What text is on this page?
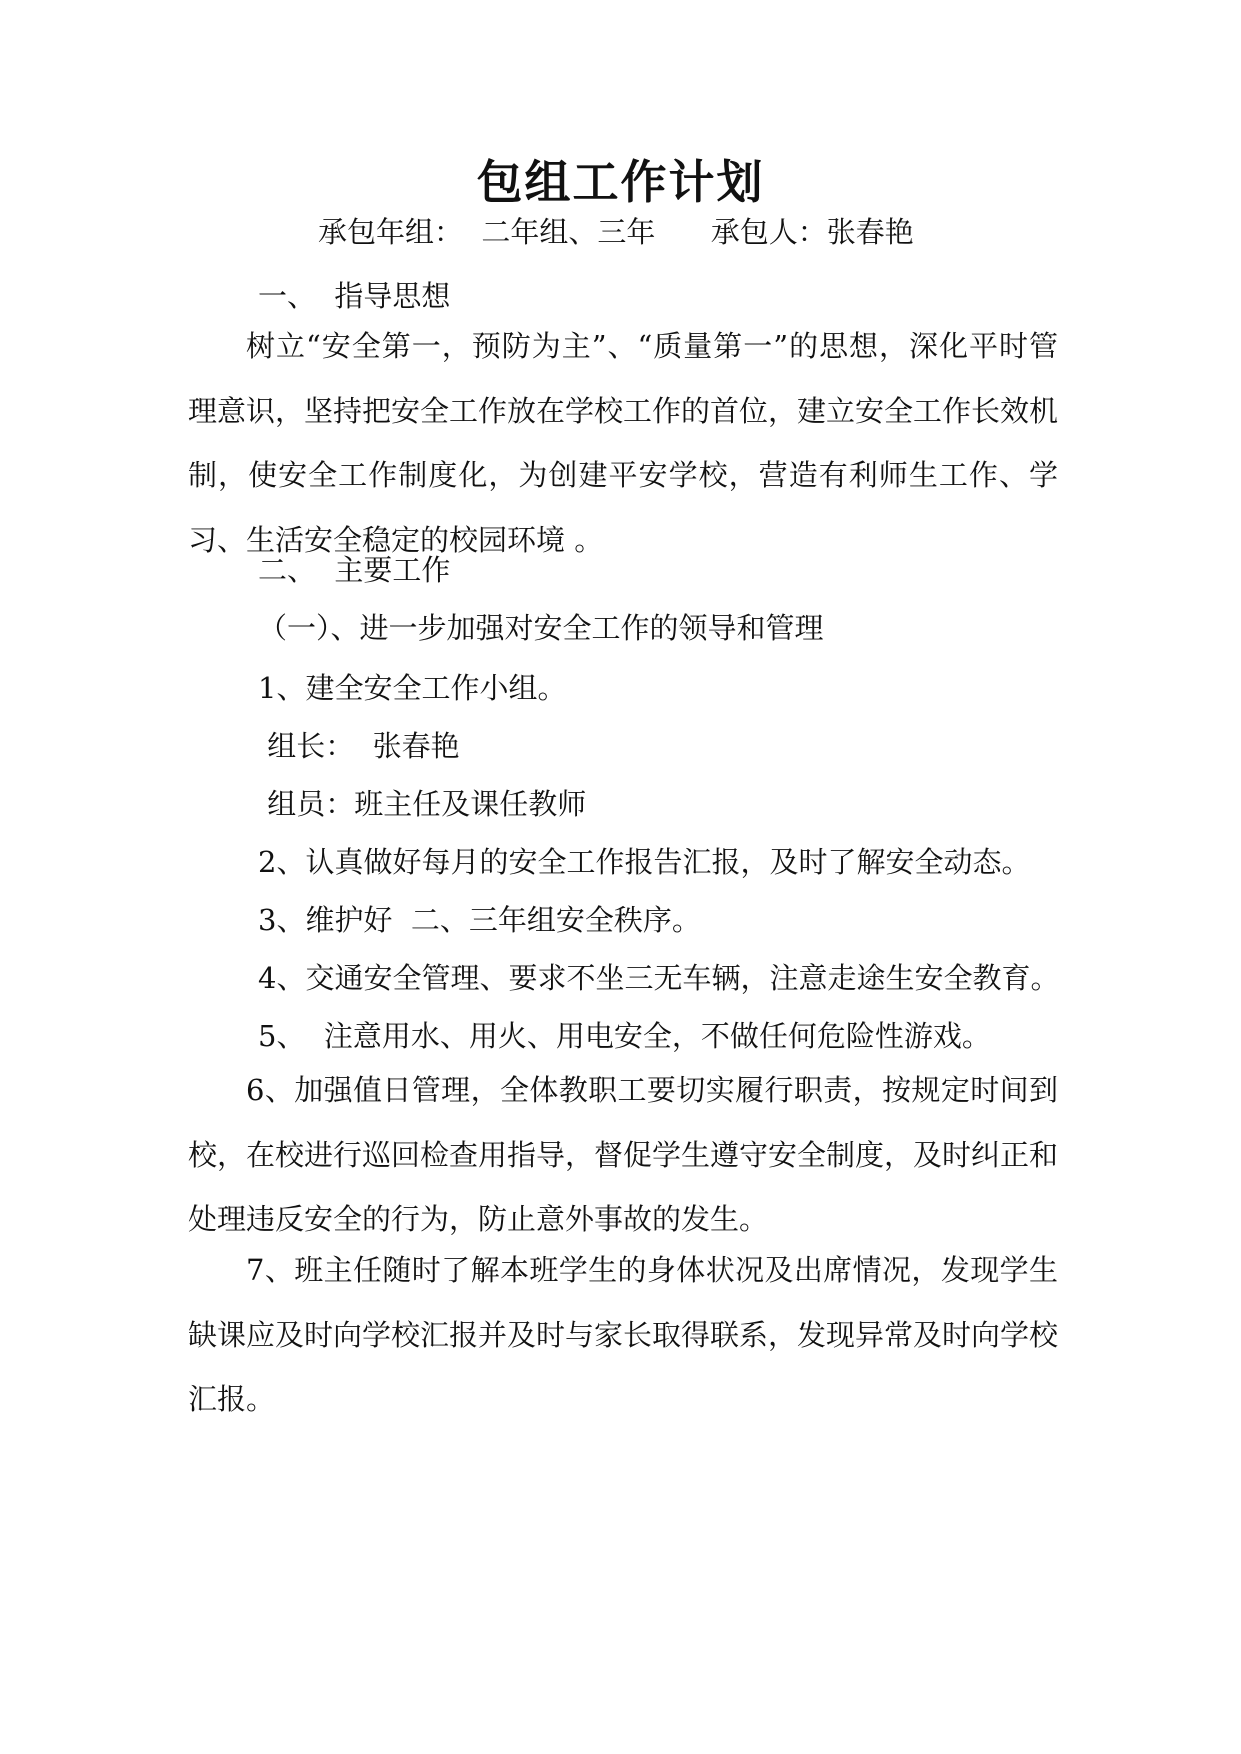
包组工作计划

承包年组：  二年组、三年      承包人：张春艳

一、  指导思想

树立“安全第一，预防为主”、“质量第一”的思想，深化平时管理意识，坚持把安全工作放在学校工作的首位，建立安全工作长效机制，使安全工作制度化，为创建平安学校，营造有利师生工作、学习、生活安全稳定的校园环境 。

二、  主要工作

（一）、进一步加强对安全工作的领导和管理

1、建全安全工作小组。

组长：  张春艳

组员：班主任及课任教师

2、认真做好每月的安全工作报告汇报，及时了解安全动态。

3、维护好  二、三年组安全秩序。

4、交通安全管理、要求不坐三无车辆，注意走途生安全教育。

5、  注意用水、用火、用电安全，不做任何危险性游戏。

6、加强值日管理，全体教职工要切实履行职责，按规定时间到校，在校进行巡回检查用指导，督促学生遵守安全制度，及时纠正和处理违反安全的行为，防止意外事故的发生。

7、班主任随时了解本班学生的身体状况及出席情况，发现学生缺课应及时向学校汇报并及时与家长取得联系，发现异常及时向学校汇报。
